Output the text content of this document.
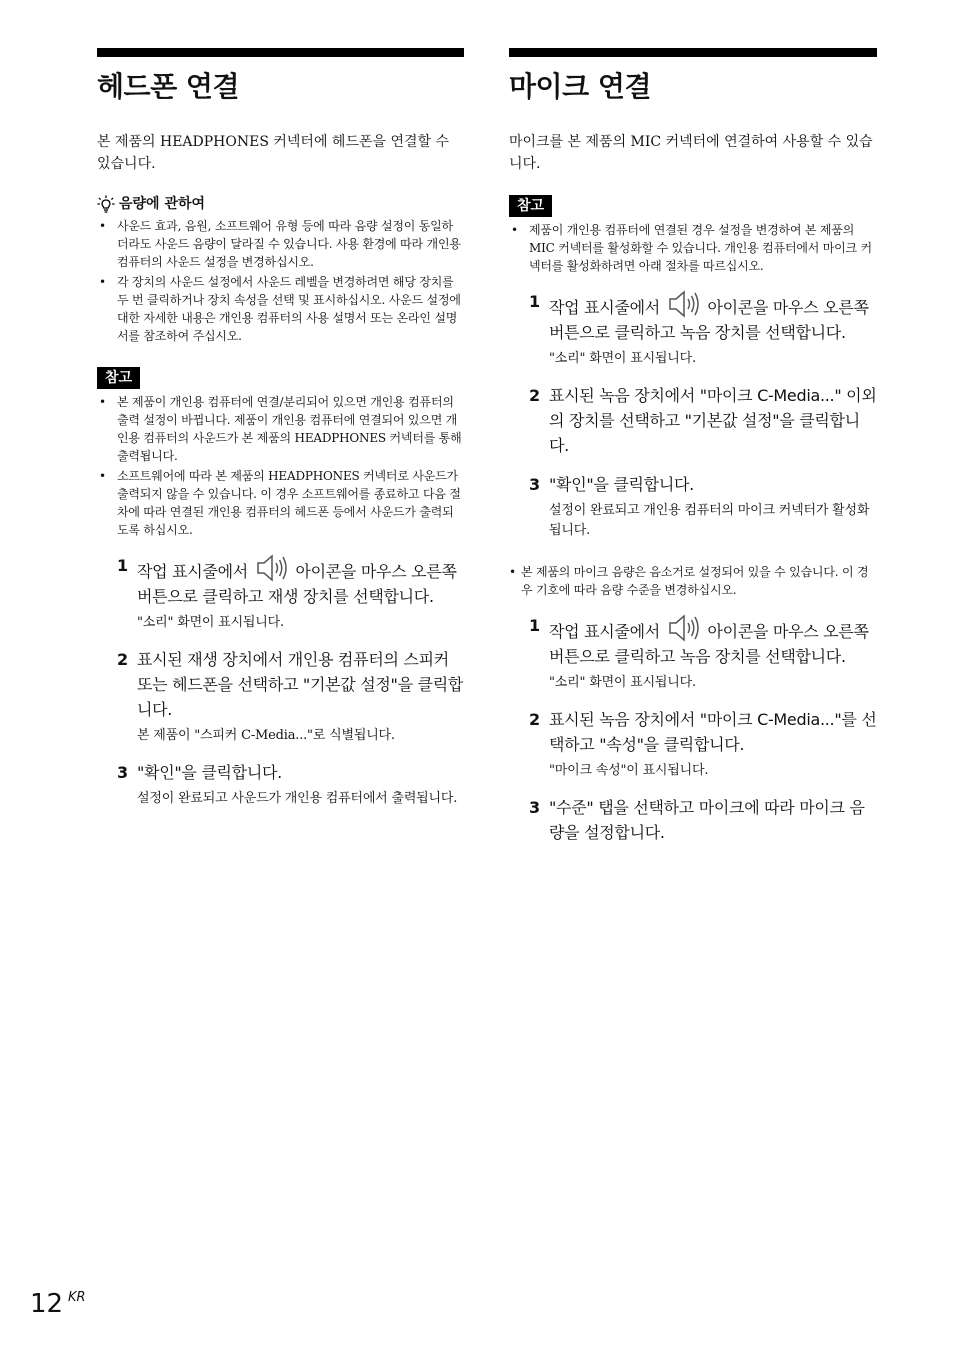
헤드폰 연결

본 제품의 HEADPHONES 커넥터에 헤드폰을 연결할 수 있습니다.

음량에 관하여
• 사운드 효과, 음원, 소프트웨어 유형 등에 따라 음량 설정이 동일하더라도 사운드 음량이 달라질 수 있습니다. 사용 환경에 따라 개인용 컴퓨터의 사운드 설정을 변경하십시오.
• 각 장치의 사운드 설정에서 사운드 레벨을 변경하려면 해당 장치를 두 번 클릭하거나 장치 속성을 선택 및 표시하십시오. 사운드 설정에 대한 자세한 내용은 개인용 컴퓨터의 사용 설명서 또는 온라인 설명서를 참조하여 주십시오.
참고
• 본 제품이 개인용 컴퓨터에 연결/분리되어 있으면 개인용 컴퓨터의 출력 설정이 바뀝니다. 제품이 개인용 컴퓨터에 연결되어 있으면 개인용 컴퓨터의 사운드가 본 제품의 HEADPHONES 커넥터를 통해 출력됩니다.
• 소프트웨어에 따라 본 제품의 HEADPHONES 커넥터로 사운드가 출력되지 않을 수 있습니다. 이 경우 소프트웨어를 종료하고 다음 절차에 따라 연결된 개인용 컴퓨터의 헤드폰 등에서 사운드가 출력되도록 하십시오.
1 작업 표시줄에서	아이콘을 마우스 오른쪽 버튼으로 클릭하고 재생 장치를 선택합니다.
"소리" 화면이 표시됩니다.
2 표시된 재생 장치에서 개인용 컴퓨터의 스피커 또는 헤드폰을 선택하고 "기본값 설정"을 클릭합니다.
본 제품이 "스피커 C-Media..."로 식별됩니다.
3 "확인"을 클릭합니다.
설정이 완료되고 사운드가 개인용 컴퓨터에서 출력됩니다.
마이크 연결

마이크를 본 제품의 MIC 커넥터에 연결하여 사용할 수 있습니다.

참고
• 제품이 개인용 컴퓨터에 연결된 경우 설정을 변경하여 본 제품의 MIC 커넥터를 활성화할 수 있습니다. 개인용 컴퓨터에서 마이크 커넥터를 활성화하려면 아래 절차를 따르십시오.
1 작업 표시줄에서	아이콘을 마우스 오른쪽 버튼으로 클릭하고 녹음 장치를 선택합니다.
"소리" 화면이 표시됩니다.
2 표시된 녹음 장치에서 "마이크 C-Media..." 이외의 장치를 선택하고 "기본값 설정"을 클릭합니다.
3 "확인"을 클릭합니다.
설정이 완료되고 개인용 컴퓨터의 마이크 커넥터가 활성화됩니다.
• 본 제품의 마이크 음량은 음소거로 설정되어 있을 수 있습니다. 이 경우 기호에 따라 음량 수준을 변경하십시오.
1 작업 표시줄에서	아이콘을 마우스 오른쪽 버튼으로 클릭하고 녹음 장치를 선택합니다.
"소리" 화면이 표시됩니다.
2 표시된 녹음 장치에서 "마이크 C-Media..."를 선택하고 "속성"을 클릭합니다.
"마이크 속성"이 표시됩니다.
3 "수준" 탭을 선택하고 마이크에 따라 마이크 음량을 설정합니다.
12 KR
